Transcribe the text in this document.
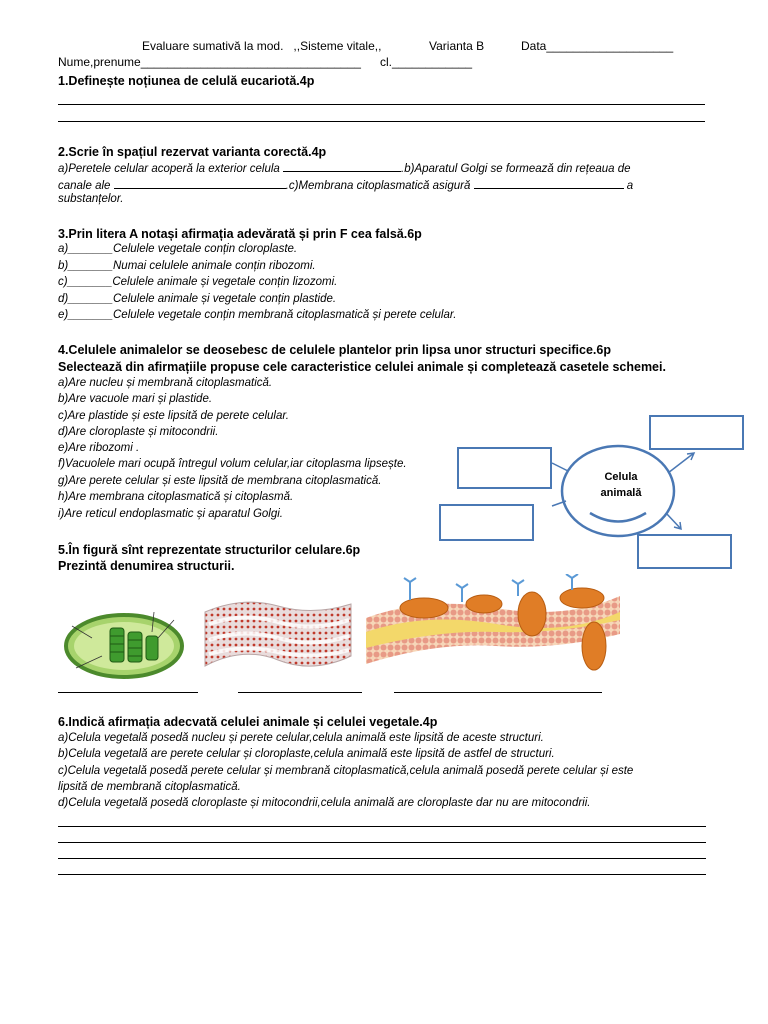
Evaluare sumativă la mod.   ,,Sisteme vitale,,	Varianta B	Data___________________
Nume,prenume_________________________________ cl.____________
1.Definește noțiunea de celulă eucariotă.4p
2.Scrie în spațiul rezervat varianta corectă.4p
a)Peretele celular acoperă la exterior celula	.b)Aparatul Golgi se formează din rețeaua de
canale ale	.c)Membrana citoplasmatică asigură	a
substanțelor.
3.Prin litera A notași afirmația adevărată și prin F cea falsă.6p
a)_______Celulele vegetale conțin cloroplaste.
b)_______Numai celulele animale conțin ribozomi.
c)_______Celulele animale și vegetale conțin lizozomi.
d)_______Celulele animale și vegetale conțin plastide.
e)_______Celulele vegetale conțin membrană citoplasmatică și perete celular.
4.Celulele animalelor se deosebesc de celulele plantelor prin lipsa unor structuri specifice.6p
Selectează din afirmațiile propuse cele caracteristice celulei animale și completează casetele schemei.
a)Are nucleu și membrană citoplasmatică.
b)Are vacuole mari și plastide.
c)Are plastide și este lipsită de perete celular.
d)Are cloroplaste și mitocondrii.
e)Are ribozomi .
f)Vacuolele mari ocupă întregul volum celular,iar citoplasma lipsește.
g)Are perete celular și este lipsită de membrana citoplasmatică.
h)Are membrana citoplasmatică și citoplasmă.
i)Are reticul endoplasmatic și aparatul Golgi.
Celula
animală
5.În figură sînt reprezentate structurilor celulare.6p
Prezintă denumirea structurii.
6.Indică afirmația adecvată celulei animale și celulei vegetale.4p
a)Celula vegetală posedă nucleu și perete celular,celula animală este lipsită de aceste structuri.
b)Celula vegetală are perete celular și cloroplaste,celula animală este lipsită de astfel de structuri.
c)Celula vegetală posedă perete celular și membrană citoplasmatică,celula animală posedă perete celular și este
lipsită de membrană citoplasmatică.
d)Celula vegetală posedă cloroplaste și mitocondrii,celula animală are cloroplaste dar nu are mitocondrii.
